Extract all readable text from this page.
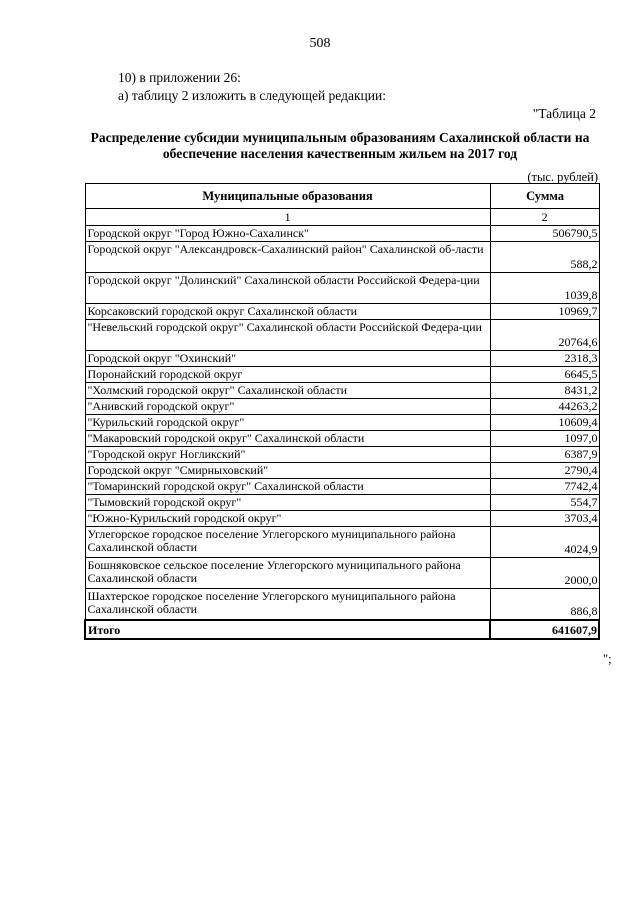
508
10) в приложении 26:
а) таблицу 2 изложить в следующей редакции:
"Таблица 2
Распределение субсидии муниципальным образованиям Сахалинской области на
обеспечение населения качественным жильем на 2017 год
(тыс. рублей)
Муниципальные образования	Сумма
1	2
Городской округ "Город Южно-Сахалинск"	506790,5
Городской округ "Александровск-Сахалинский район" Сахалинской об-ласти	588,2
Городской округ "Долинский" Сахалинской области Российской Федера-ции	1039,8
Корсаковский городской округ Сахалинской области	10969,7
"Невельский городской округ" Сахалинской области Российской Федера-ции	20764,6
Городской округ "Охинский"	2318,3
Поронайский городской округ	6645,5
"Холмский городской округ" Сахалинской области	8431,2
"Анивский городской округ"	44263,2
"Курильский городской округ"	10609,4
"Макаровский городской округ" Сахалинской области	1097,0
"Городской округ Ногликский"	6387,9
Городской округ "Смирныховский"	2790,4
"Томаринский городской округ" Сахалинской области	7742,4
"Тымовский городской округ"	554,7
"Южно-Курильский городской округ"	3703,4
Углегорское городское поселение Углегорского муниципального района Сахалинской области	4024,9
Бошняковское сельское поселение Углегорского муниципального района Сахалинской области	2000,0
Шахтерское городское поселение Углегорского муниципального района Сахалинской области	886,8
Итого	641607,9
";
